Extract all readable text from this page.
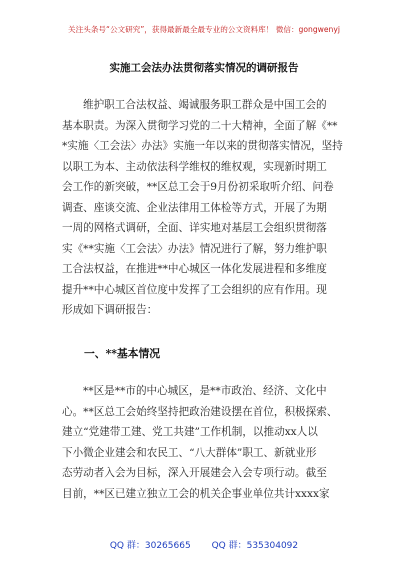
关注头条号“公文研究”，获得最新最全最专业的公文资料库！ 微信：gongwenyj
实施工会法办法贯彻落实情况的调研报告
维护职工合法权益、竭诚服务职工群众是中国工会的
基本职责。为深入贯彻学习党的二十大精神，全面了解《**
*实施〈工会法〉办法》实施一年以来的贯彻落实情况，坚持
以职工为本、主动依法科学维权的维权观，实现新时期工
会工作的新突破，**区总工会于9月份初采取听介绍、问卷
调查、座谈交流、企业法律用工体检等方式，开展了为期
一周的网格式调研，全面、详实地对基层工会组织贯彻落
实《**实施〈工会法〉办法》情况进行了解，努力维护职
工合法权益，在推进**中心城区一体化发展进程和多维度
提升**中心城区首位度中发挥了工会组织的应有作用。现
形成如下调研报告：
一、**基本情况
**区是**市的中心城区，是**市政治、经济、文化中
心。**区总工会始终坚持把政治建设摆在首位，积极探索、
建立“党建带工建、党工共建”工作机制，以推动xx人以
下小微企业建会和农民工、“八大群体”职工、新就业形
态劳动者入会为目标，深入开展建会入会专项行动。截至
目前，**区已建立独立工会的机关企事业单位共计xxxx家
QQ 群：30265665 QQ 群：535304092
